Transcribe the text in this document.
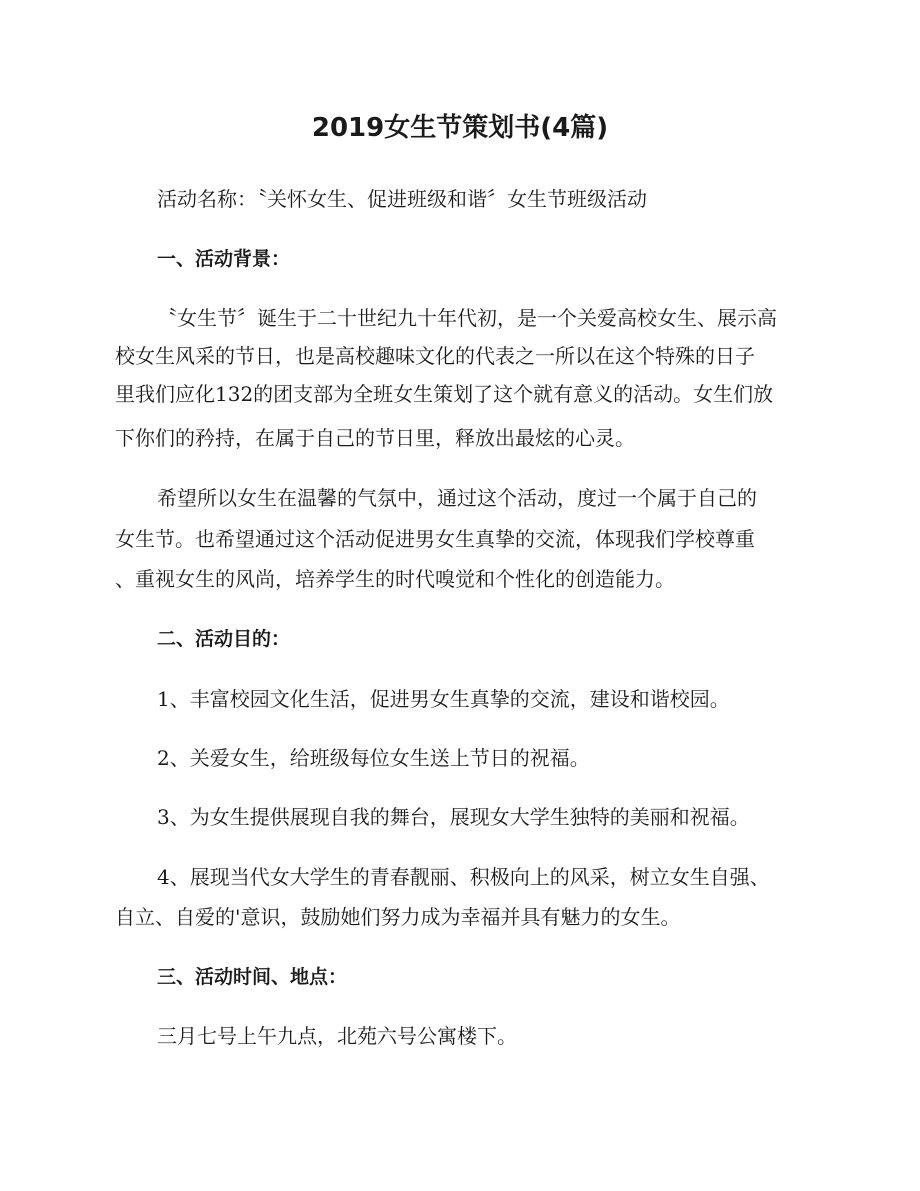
2019女生节策划书(4篇)
活动名称：〝关怀女生、促进班级和谐〞女生节班级活动
一、活动背景：
〝女生节〞诞生于二十世纪九十年代初，是一个关爱高校女生、展示高
校女生风采的节日，也是高校趣味文化的代表之一所以在这个特殊的日子
里我们应化132的团支部为全班女生策划了这个就有意义的活动。女生们放
下你们的矜持，在属于自己的节日里，释放出最炫的心灵。
希望所以女生在温馨的气氛中，通过这个活动，度过一个属于自己的
女生节。也希望通过这个活动促进男女生真挚的交流，体现我们学校尊重
、重视女生的风尚，培养学生的时代嗅觉和个性化的创造能力。
二、活动目的：
1、丰富校园文化生活，促进男女生真挚的交流，建设和谐校园。
2、关爱女生，给班级每位女生送上节日的祝福。
3、为女生提供展现自我的舞台，展现女大学生独特的美丽和祝福。
4、展现当代女大学生的青春靓丽、积极向上的风采，树立女生自强、
自立、自爱的'意识，鼓励她们努力成为幸福并具有魅力的女生。
三、活动时间、地点：
三月七号上午九点，北苑六号公寓楼下。
